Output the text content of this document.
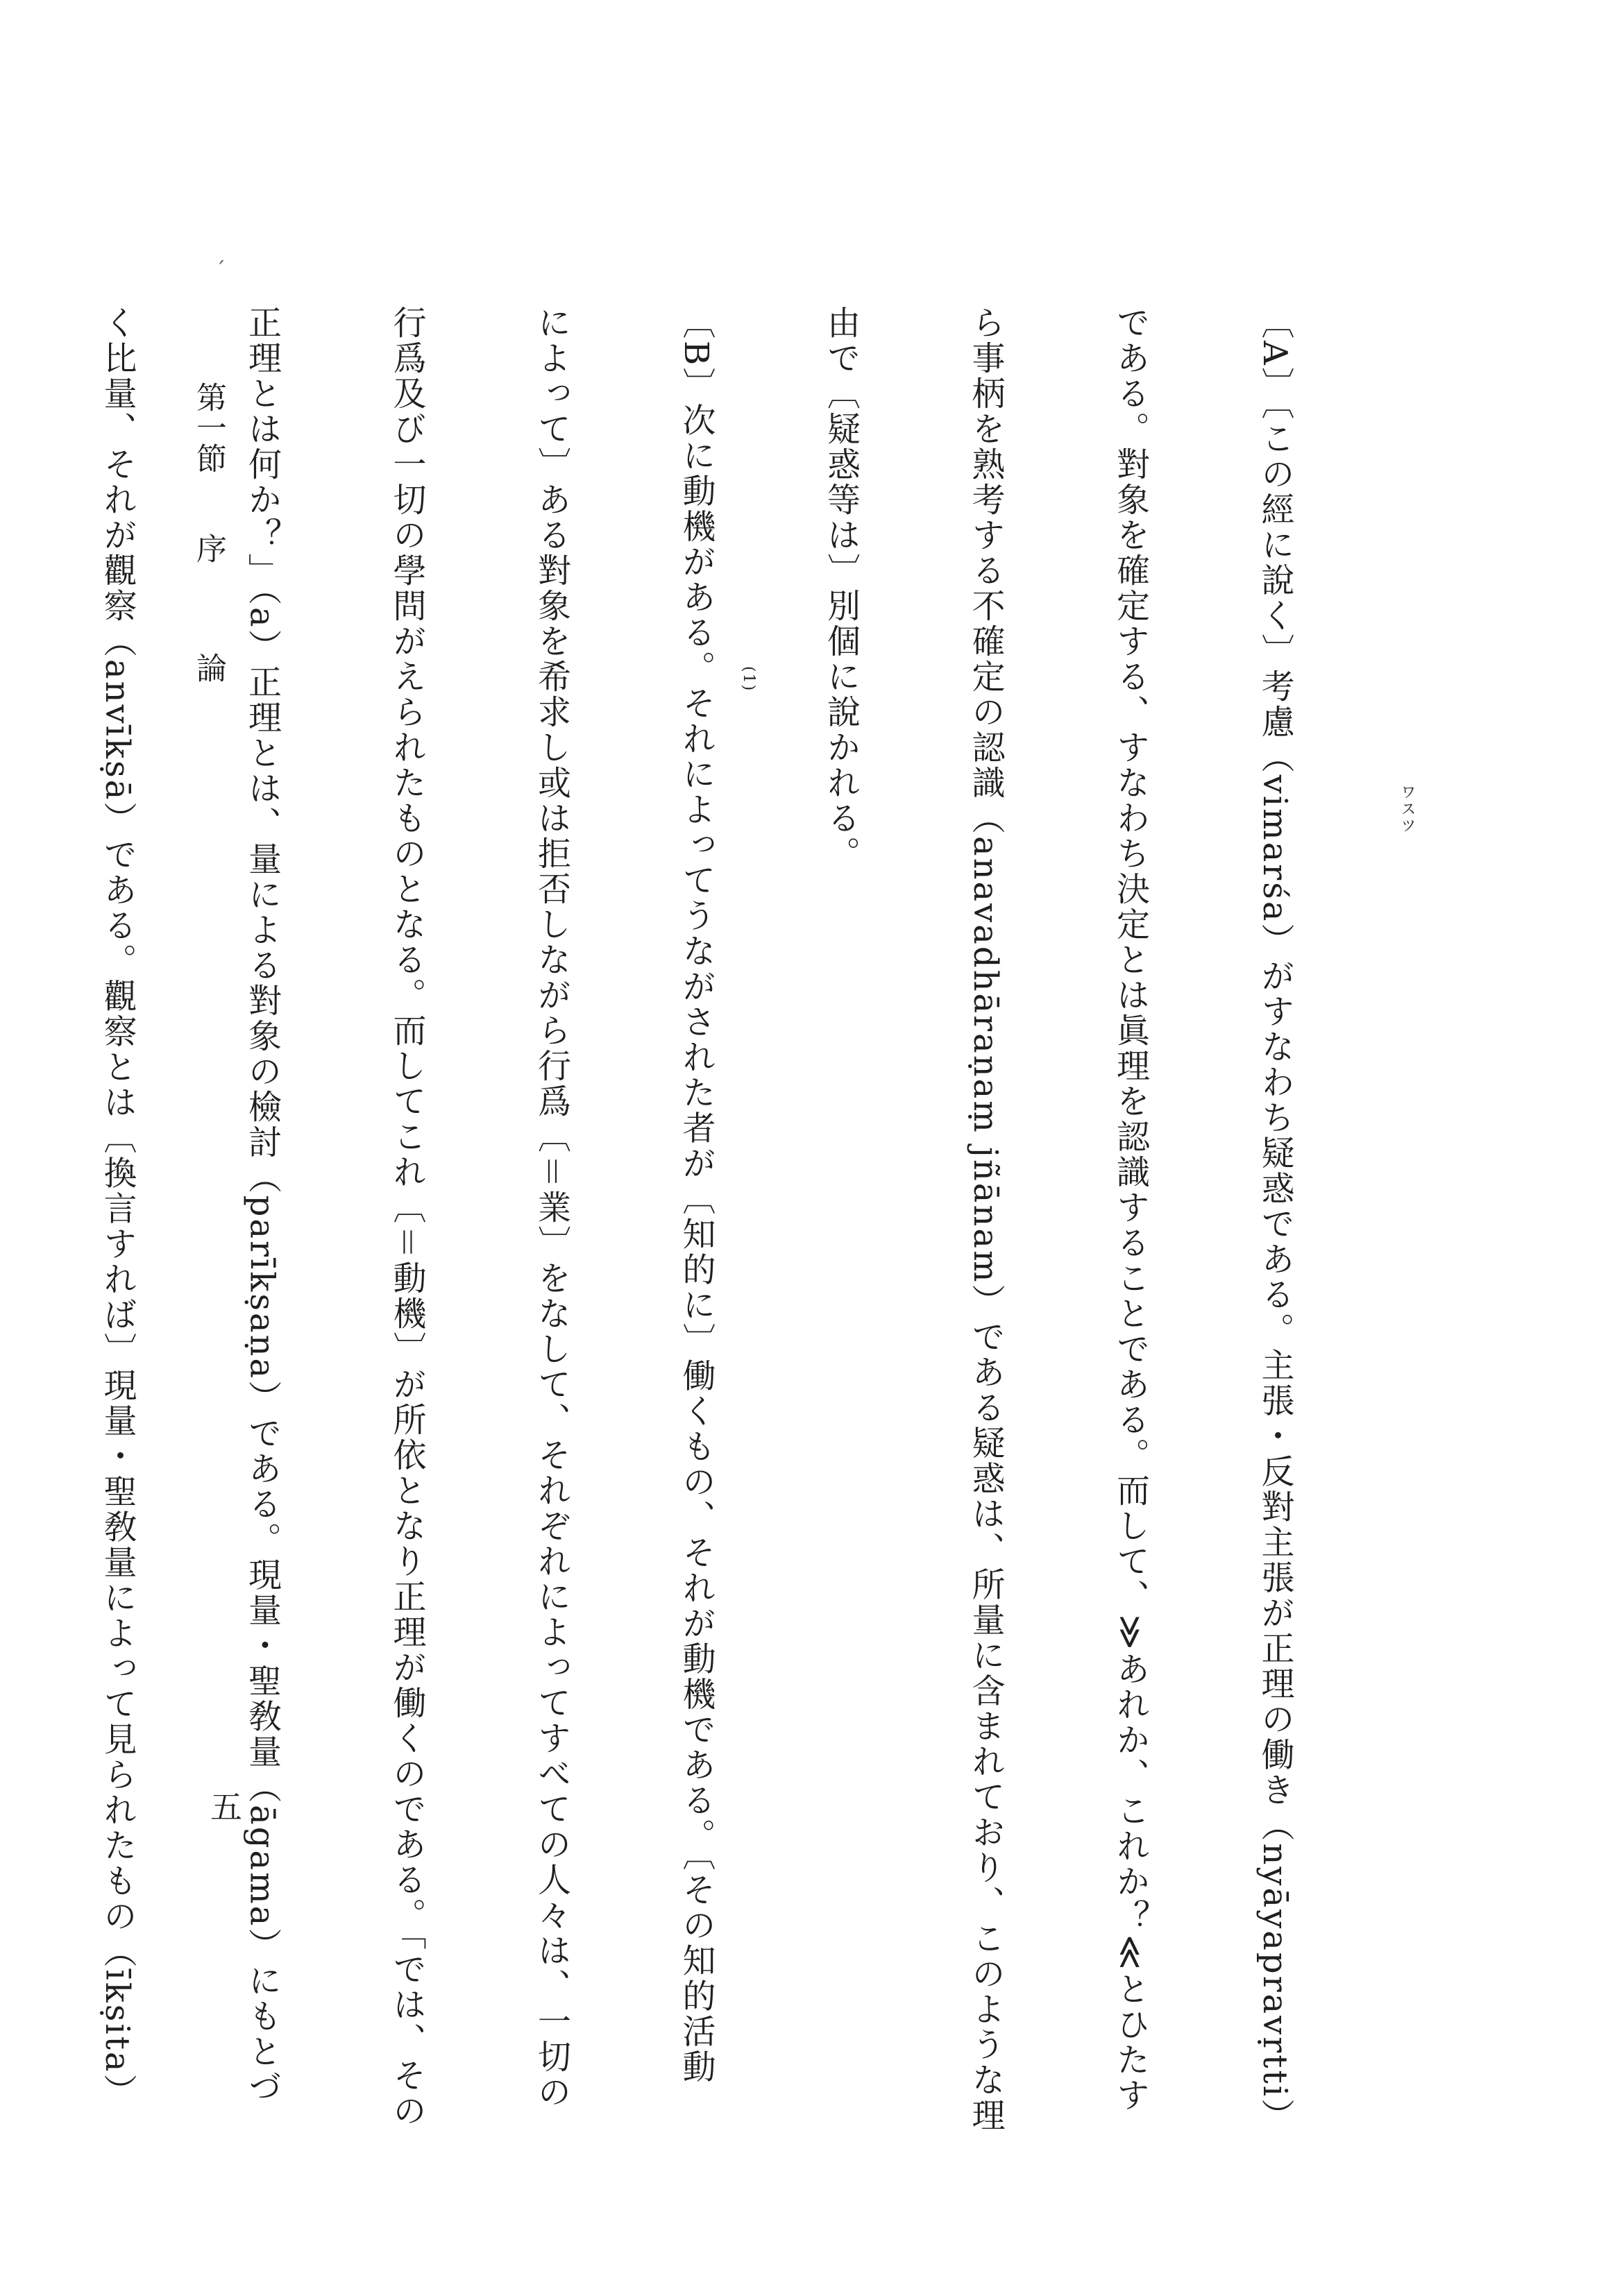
ˊ
ワスツ
(1)

	〔A〕〔この經に說く〕考慮（vimarśa）がすなわち疑惑である。主張・反對主張が正理の働き（nyāyapravṛtti）

である。對象を確定する、すなわち決定とは眞理を認識することである。而して、≫あれか、これか？≪とひたす

ら事柄を熟考する不確定の認識（anavadhāraṇaṃ jñānam）である疑惑は、所量に含まれており、このような理

由で〔疑惑等は〕別個に說かれる。

〔B〕次に動機がある。それによってうながされた者が〔知的に〕働くもの、それが動機である。〔その知的活動

によって〕ある對象を希求し或は拒否しながら行爲〔＝業〕をなして、それぞれによってすべての人々は、一切の

行爲及び一切の學問がえられたものとなる。而してこれ〔＝動機〕が所依となり正理が働くのである。「では、その

正理とは何か？」（a）正理とは、量による對象の檢討（parīkṣaṇa）である。現量・聖敎量（āgama）にもとづ

く比量、それが觀察（anvīkṣā）である。觀察とは〔換言すれば〕現量・聖敎量によって見られたもの（īkṣita）

第一節　序　論
五
